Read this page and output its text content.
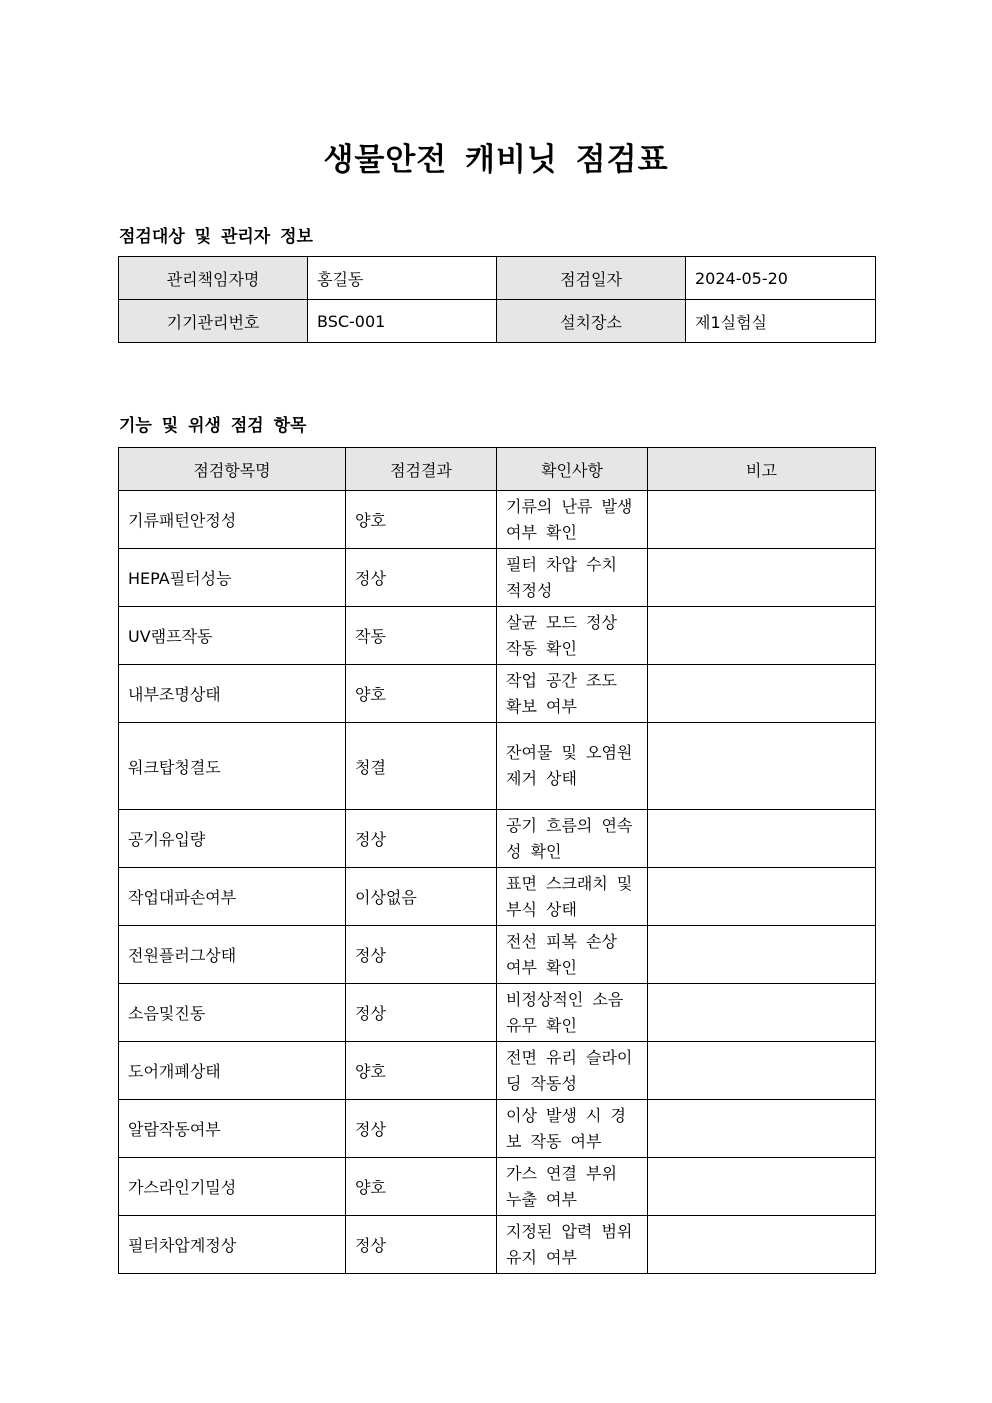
생물안전 캐비닛 점검표
점검대상 및 관리자 정보
관리책임자명	홍길동	점검일자	2024-05-20
기기관리번호	BSC-001	설치장소	제1실험실
기능 및 위생 점검 항목
점검항목명	점검결과	확인사항	비고
기류패턴안정성	양호	기류의 난류 발생 여부 확인	
HEPA필터성능	정상	필터 차압 수치 적정성	
UV램프작동	작동	살균 모드 정상 작동 확인	
내부조명상태	양호	작업 공간 조도 확보 여부	
워크탑청결도	청결	잔여물 및 오염원 제거 상태	
공기유입량	정상	공기 흐름의 연속성 확인	
작업대파손여부	이상없음	표면 스크래치 및 부식 상태	
전원플러그상태	정상	전선 피복 손상 여부 확인	
소음및진동	정상	비정상적인 소음 유무 확인	
도어개폐상태	양호	전면 유리 슬라이딩 작동성	
알람작동여부	정상	이상 발생 시 경보 작동 여부	
가스라인기밀성	양호	가스 연결 부위 누출 여부	
필터차압계정상	정상	지정된 압력 범위 유지 여부	
